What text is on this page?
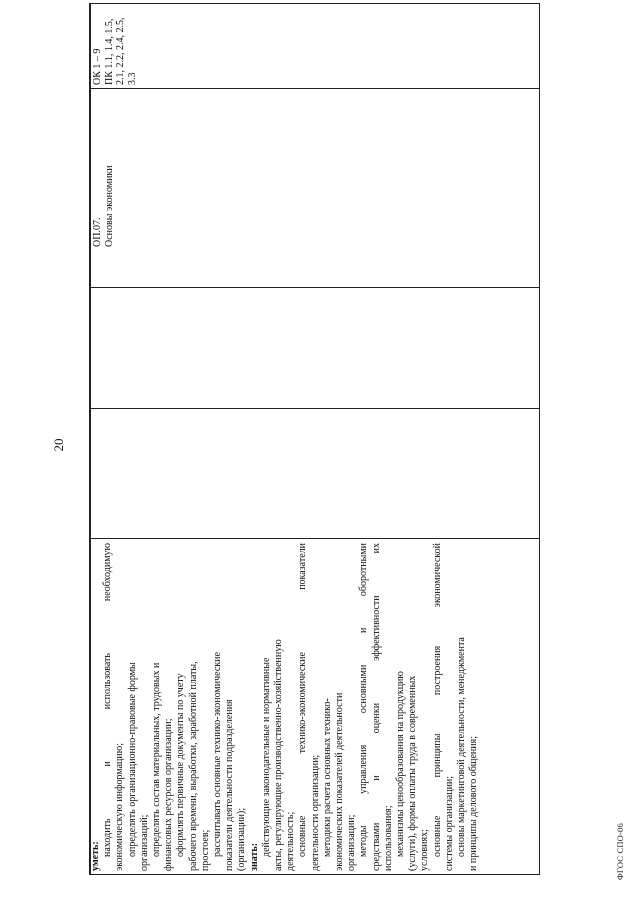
20

уметь: находить и использовать необходимую экономическую информацию; определять организационно-правовые формы организаций; определять состав материальных, трудовых и финансовых ресурсов организации; оформлять первичные документы по учету рабочего времени, выработки, заработной платы, простоев; рассчитывать основные технико-экономические показатели деятельности подразделения (организации); знать: действующие законодательные и нормативные акты, регулирующие производственно-хозяйственную деятельность; основные технико-экономические показатели деятельности организации; методики расчета основных технико- экономических показателей деятельности организации; методы управления основными и оборотными средствами и оценки эффективности их использования; механизмы ценообразования на продукцию (услуги), формы оплаты труда в современных условиях; основные принципы построения экономической системы организации; основы маркетинговой деятельности, менеджмента и принципы делового общения;

ОП.07. Основы экономики
ОК 1 – 9 ПК 1.1, 1.4, 1.5, 2.1, 2.2, 2.4, 2.5, 3.3
ФГОС СПО-06
